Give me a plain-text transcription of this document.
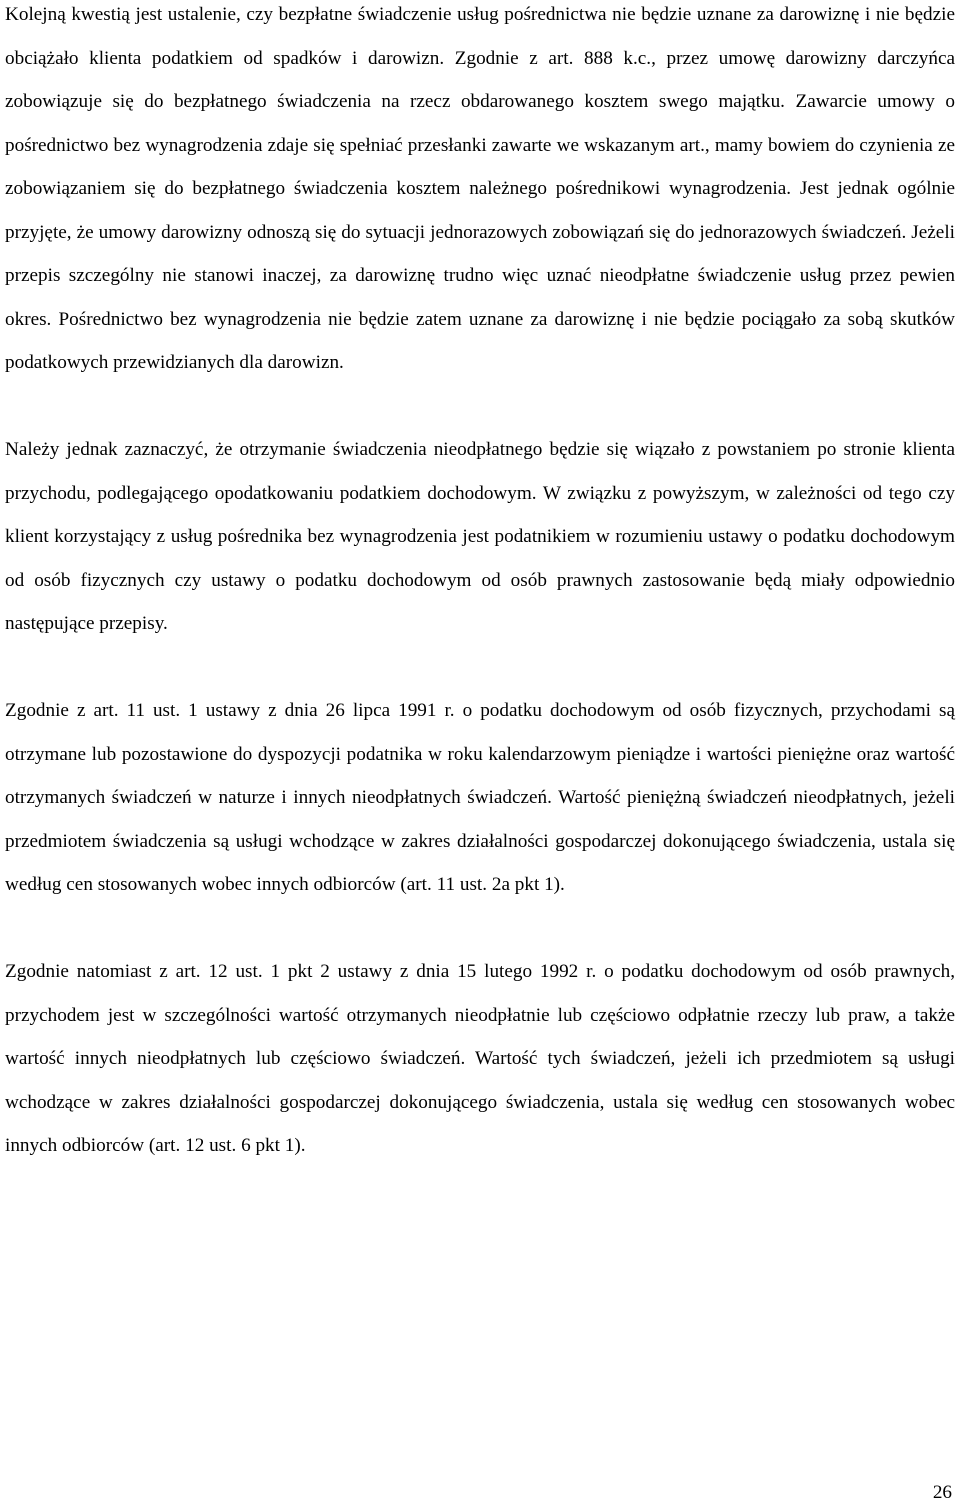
Kolejną kwestią jest ustalenie, czy bezpłatne świadczenie usług pośrednictwa nie będzie uznane za darowiznę i nie będzie obciążało klienta podatkiem od spadków i darowizn. Zgodnie z art. 888 k.c., przez umowę darowizny darczyńca zobowiązuje się do bezpłatnego świadczenia na rzecz obdarowanego kosztem swego majątku. Zawarcie umowy o pośrednictwo bez wynagrodzenia zdaje się spełniać przesłanki zawarte we wskazanym art., mamy bowiem do czynienia ze zobowiązaniem się do bezpłatnego świadczenia kosztem należnego pośrednikowi wynagrodzenia. Jest jednak ogólnie przyjęte, że umowy darowizny odnoszą się do sytuacji jednorazowych zobowiązań się do jednorazowych świadczeń. Jeżeli przepis szczególny nie stanowi inaczej, za darowiznę trudno więc uznać nieodpłatne świadczenie usług przez pewien okres. Pośrednictwo bez wynagrodzenia nie będzie zatem uznane za darowiznę i nie będzie pociągało za sobą skutków podatkowych przewidzianych dla darowizn.

Należy jednak zaznaczyć, że otrzymanie świadczenia nieodpłatnego będzie się wiązało z powstaniem po stronie klienta przychodu, podlegającego opodatkowaniu podatkiem dochodowym. W związku z powyższym, w zależności od tego czy klient korzystający z usług pośrednika bez wynagrodzenia jest podatnikiem w rozumieniu ustawy o podatku dochodowym od osób fizycznych czy ustawy o podatku dochodowym od osób prawnych zastosowanie będą miały odpowiednio następujące przepisy.

Zgodnie z art. 11 ust. 1 ustawy z dnia 26 lipca 1991 r. o podatku dochodowym od osób fizycznych, przychodami są otrzymane lub pozostawione do dyspozycji podatnika w roku kalendarzowym pieniądze i wartości pieniężne oraz wartość otrzymanych świadczeń w naturze i innych nieodpłatnych świadczeń. Wartość pieniężną świadczeń nieodpłatnych, jeżeli przedmiotem świadczenia są usługi wchodzące w zakres działalności gospodarczej dokonującego świadczenia, ustala się według cen stosowanych wobec innych odbiorców (art. 11 ust. 2a pkt 1).

Zgodnie natomiast z art. 12 ust. 1 pkt 2 ustawy z dnia 15 lutego 1992 r. o podatku dochodowym od osób prawnych, przychodem jest w szczególności wartość otrzymanych nieodpłatnie lub częściowo odpłatnie rzeczy lub praw, a także wartość innych nieodpłatnych lub częściowo świadczeń. Wartość tych świadczeń, jeżeli ich przedmiotem są usługi wchodzące w zakres działalności gospodarczej dokonującego świadczenia, ustala się według cen stosowanych wobec innych odbiorców (art. 12 ust. 6 pkt 1).

26
